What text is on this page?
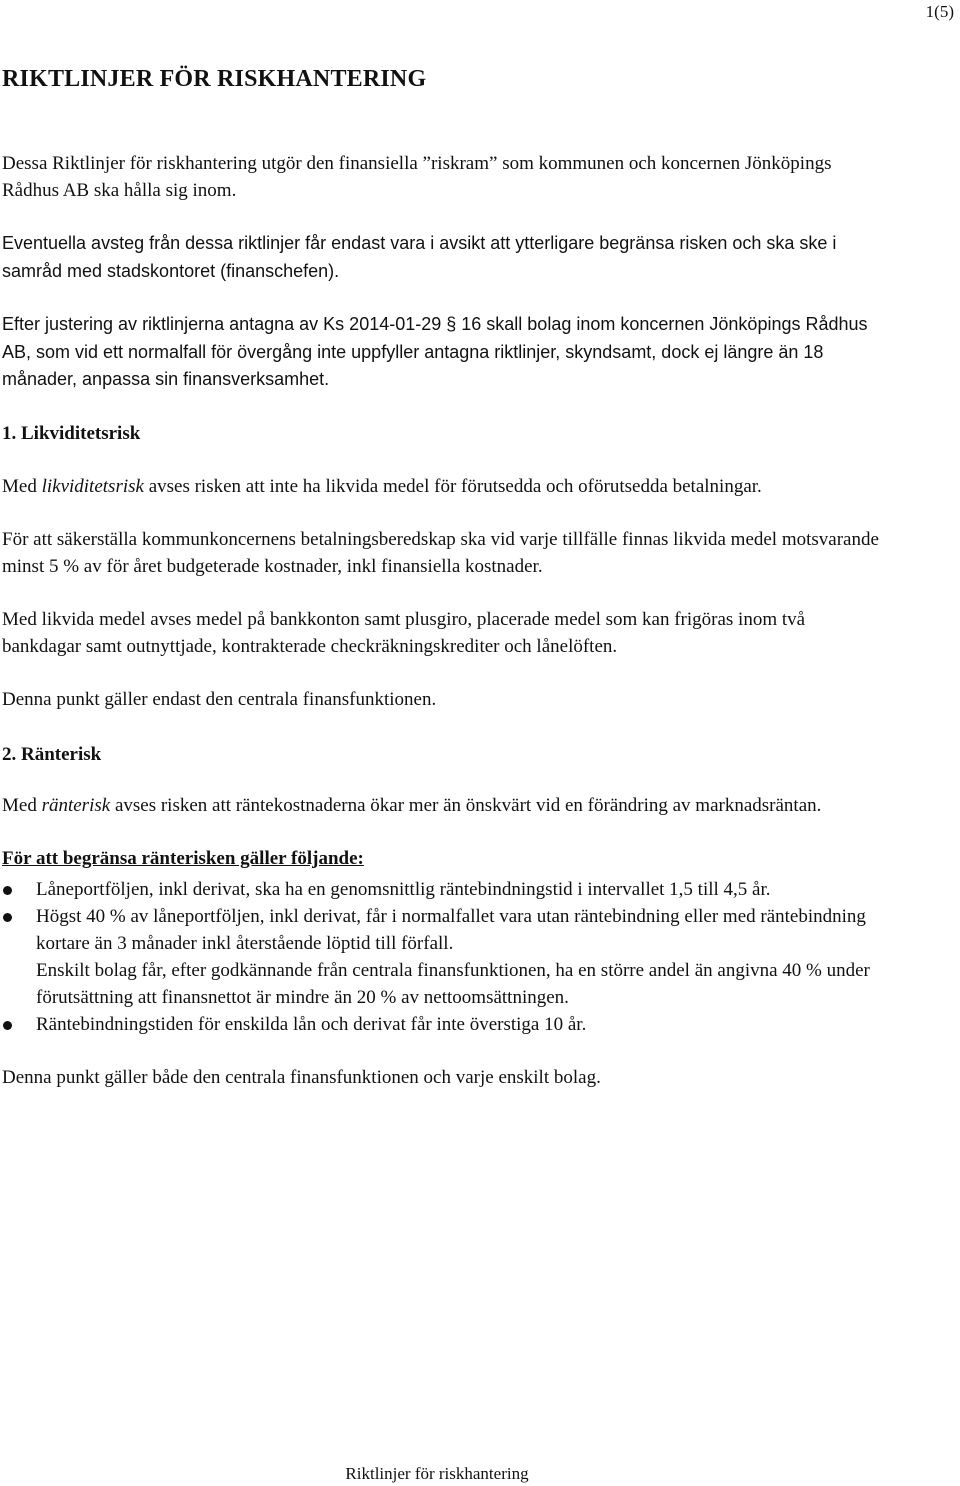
1(5)
RIKTLINJER FÖR RISKHANTERING

Dessa Riktlinjer för riskhantering utgör den finansiella ”riskram” som kommunen och koncernen Jönköpings Rådhus AB ska hålla sig inom.

Eventuella avsteg från dessa riktlinjer får endast vara i avsikt att ytterligare begränsa risken och ska ske i samråd med stadskontoret (finanschefen).

Efter justering av riktlinjerna antagna av Ks 2014-01-29 § 16 skall bolag inom koncernen Jönköpings Rådhus AB, som vid ett normalfall för övergång inte uppfyller antagna riktlinjer, skyndsamt, dock ej längre än 18 månader, anpassa sin finansverksamhet.

1. Likviditetsrisk

Med likviditetsrisk avses risken att inte ha likvida medel för förutsedda och oförutsedda betalningar.

För att säkerställa kommunkoncernens betalningsberedskap ska vid varje tillfälle finnas likvida medel motsvarande minst 5 % av för året budgeterade kostnader, inkl finansiella kostnader.

Med likvida medel avses medel på bankkonton samt plusgiro, placerade medel som kan frigöras inom två bankdagar samt outnyttjade, kontrakterade checkräkningskrediter och lånelöften.

Denna punkt gäller endast den centrala finansfunktionen.

2. Ränterisk

Med ränterisk avses risken att räntekostnaderna ökar mer än önskvärt vid en förändring av marknadsräntan.

För att begränsa ränterisken gäller följande:
Låneportföljen, inkl derivat, ska ha en genomsnittlig räntebindningstid i intervallet 1,5 till 4,5 år.
Högst 40 % av låneportföljen, inkl derivat, får i normalfallet vara utan räntebindning eller med räntebindning kortare än 3 månader inkl återstående löptid till förfall.
Enskilt bolag får, efter godkännande från centrala finansfunktionen, ha en större andel än angivna 40 % under förutsättning att finansnettot är mindre än 20 % av nettoomsättningen.
Räntebindningstiden för enskilda lån och derivat får inte överstiga 10 år.

Denna punkt gäller både den centrala finansfunktionen och varje enskilt bolag.

Riktlinjer för riskhantering
